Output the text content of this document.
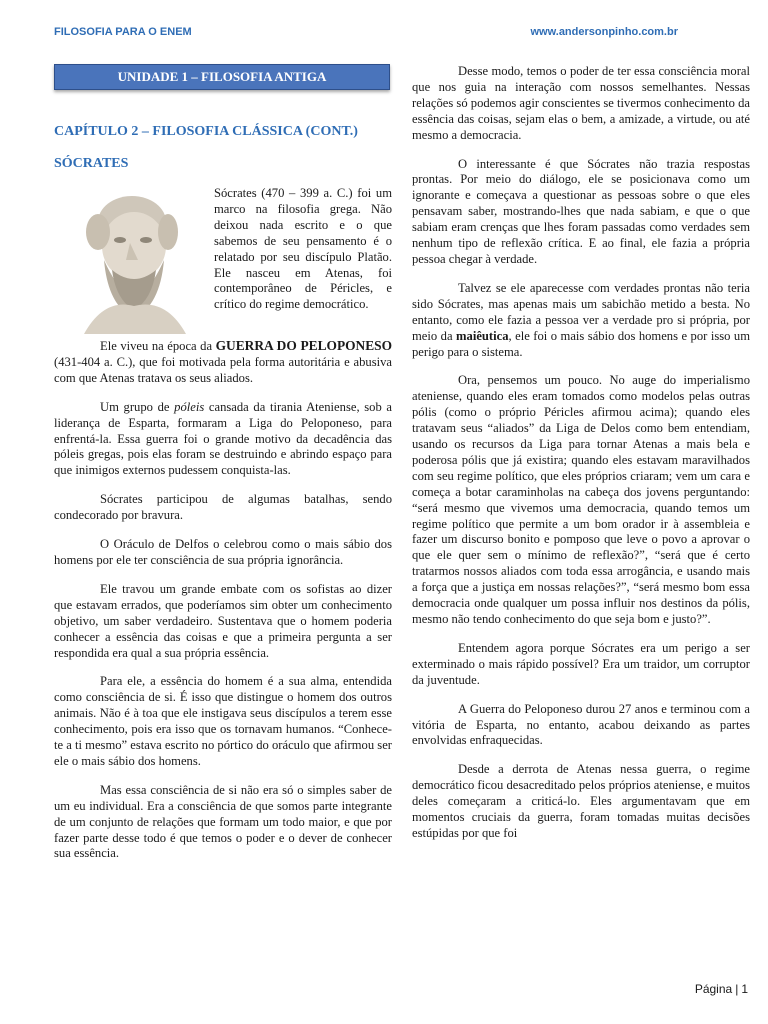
FILOSOFIA PARA O ENEM	www.andersonpinho.com.br
UNIDADE 1 – FILOSOFIA ANTIGA
CAPÍTULO 2 – FILOSOFIA CLÁSSICA (CONT.)
SÓCRATES

Sócrates (470 – 399 a. C.) foi um marco na filosofia grega. Não deixou nada escrito e o que sabemos de seu pensamento é o relatado por seu discípulo Platão. Ele nasceu em Atenas, foi contemporâneo de Péricles, e crítico do regime democrático.

Ele viveu na época da GUERRA DO PELOPONESO (431-404 a. C.), que foi motivada pela forma autoritária e abusiva com que Atenas tratava os seus aliados.

Um grupo de póleis cansada da tirania Ateniense, sob a liderança de Esparta, formaram a Liga do Peloponeso, para enfrentá-la. Essa guerra foi o grande motivo da decadência das póleis gregas, pois elas foram se destruindo e abrindo espaço para que inimigos externos pudessem conquista-las.

Sócrates participou de algumas batalhas, sendo condecorado por bravura.

O Oráculo de Delfos o celebrou como o mais sábio dos homens por ele ter consciência de sua própria ignorância.

Ele travou um grande embate com os sofistas ao dizer que estavam errados, que poderíamos sim obter um conhecimento objetivo, um saber verdadeiro. Sustentava que o homem poderia conhecer a essência das coisas e que a primeira pergunta a ser respondida era qual a sua própria essência.

Para ele, a essência do homem é a sua alma, entendida como consciência de si. É isso que distingue o homem dos outros animais. Não é à toa que ele instigava seus discípulos a terem esse conhecimento, pois era isso que os tornavam humanos. “Conhece-te a ti mesmo” estava escrito no pórtico do oráculo que afirmou ser ele o mais sábio dos homens.

Mas essa consciência de si não era só o simples saber de um eu individual. Era a consciência de que somos parte integrante de um conjunto de relações que formam um todo maior, e que por fazer parte desse todo é que temos o poder e o dever de conhecer sua essência.

Desse modo, temos o poder de ter essa consciência moral que nos guia na interação com nossos semelhantes. Nessas relações só podemos agir conscientes se tivermos conhecimento da essência das coisas, sejam elas o bem, a amizade, a virtude, ou até mesmo a democracia.

O interessante é que Sócrates não trazia respostas prontas. Por meio do diálogo, ele se posicionava como um ignorante e começava a questionar as pessoas sobre o que eles pensavam saber, mostrando-lhes que nada sabiam, e que o que sabiam eram crenças que lhes foram passadas como verdades sem nenhum tipo de reflexão crítica. E ao final, ele fazia a própria pessoa chegar à verdade.

Talvez se ele aparecesse com verdades prontas não teria sido Sócrates, mas apenas mais um sabichão metido a besta. No entanto, como ele fazia a pessoa ver a verdade pro si própria, por meio da maiêutica, ele foi o mais sábio dos homens e por isso um perigo para o sistema.

Ora, pensemos um pouco. No auge do imperialismo ateniense, quando eles eram tomados como modelos pelas outras pólis (como o próprio Péricles afirmou acima); quando eles tratavam seus “aliados” da Liga de Delos como bem entendiam, usando os recursos da Liga para tornar Atenas a mais bela e poderosa pólis que já existira; quando eles estavam maravilhados com seu regime político, que eles próprios criaram; vem um cara e começa a botar caraminholas na cabeça dos jovens perguntando: “será mesmo que vivemos uma democracia, quando temos um regime político que permite a um bom orador ir à assembleia e fazer um discurso bonito e pomposo que leve o povo a aprovar o que ele quer sem o mínimo de reflexão?”, “será que é certo tratarmos nossos aliados com toda essa arrogância, e usando mais a força que a justiça em nossas relações?”, “será mesmo bom essa democracia onde qualquer um possa influir nos destinos da pólis, mesmo não tendo conhecimento do que seja bom e justo?”.

Entendem agora porque Sócrates era um perigo a ser exterminado o mais rápido possível? Era um traidor, um corruptor da juventude.

A Guerra do Peloponeso durou 27 anos e terminou com a vitória de Esparta, no entanto, acabou deixando as partes envolvidas enfraquecidas.

Desde a derrota de Atenas nessa guerra, o regime democrático ficou desacreditado pelos próprios ateniense, e muitos deles começaram a criticá-lo. Eles argumentavam que em momentos cruciais da guerra, foram tomadas muitas decisões estúpidas por que foi

Página | 1
